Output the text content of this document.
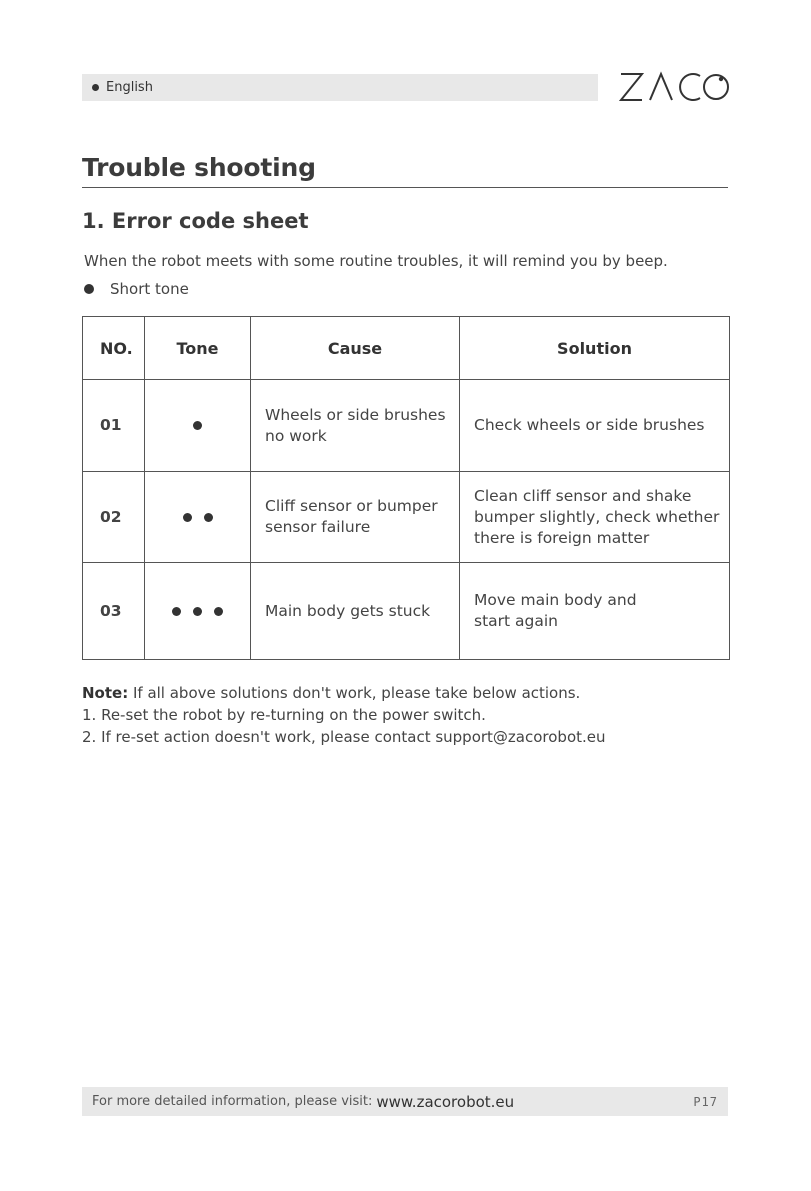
English
Trouble shooting
1. Error code sheet

When the robot meets with some routine troubles, it will remind you by beep.

Short tone
NO.	Tone	Cause	Solution
01		Wheels or side brushes no work	Check wheels or side brushes

02		Cliff sensor or bumper sensor failure	Clean cliff sensor and shake bumper slightly, check whether there is foreign matter

03		Main body gets stuck	Move main body and start again

Note: If all above solutions don't work, please take below actions.

1. Re-set the robot by re-turning on the power switch.

2. If re-set action doesn't work, please contact support@zacorobot.eu

For more detailed information, please visit: www.zacorobot.eu	P17
